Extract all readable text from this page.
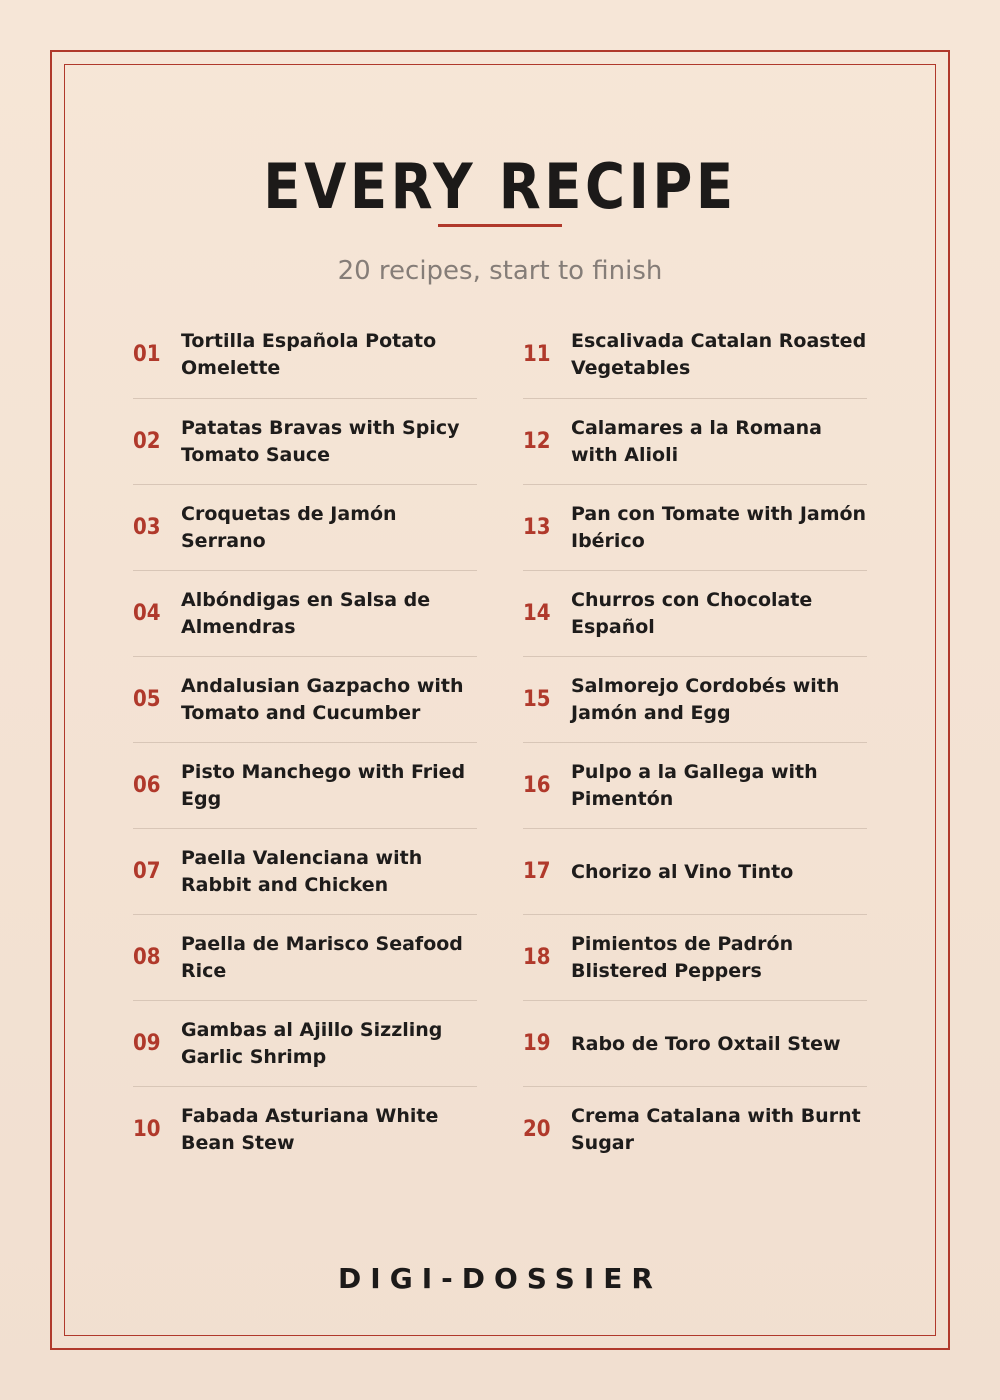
EVERY RECIPE
20 recipes, start to finish
01
Tortilla Española Potato Omelette
02
Patatas Bravas with Spicy Tomato Sauce
03
Croquetas de Jamón Serrano
04
Albóndigas en Salsa de Almendras
05
Andalusian Gazpacho with Tomato and Cucumber
06
Pisto Manchego with Fried Egg
07
Paella Valenciana with Rabbit and Chicken
08
Paella de Marisco Seafood Rice
09
Gambas al Ajillo Sizzling Garlic Shrimp
10
Fabada Asturiana White Bean Stew
11
Escalivada Catalan Roasted Vegetables
12
Calamares a la Romana with Alioli
13
Pan con Tomate with Jamón Ibérico
14
Churros con Chocolate Español
15
Salmorejo Cordobés with Jamón and Egg
16
Pulpo a la Gallega with Pimentón
17	Chorizo al Vino Tinto
18
Pimientos de Padrón Blistered Peppers
19	Rabo de Toro Oxtail Stew
20
Crema Catalana with Burnt Sugar
DIGI-DOSSIER
